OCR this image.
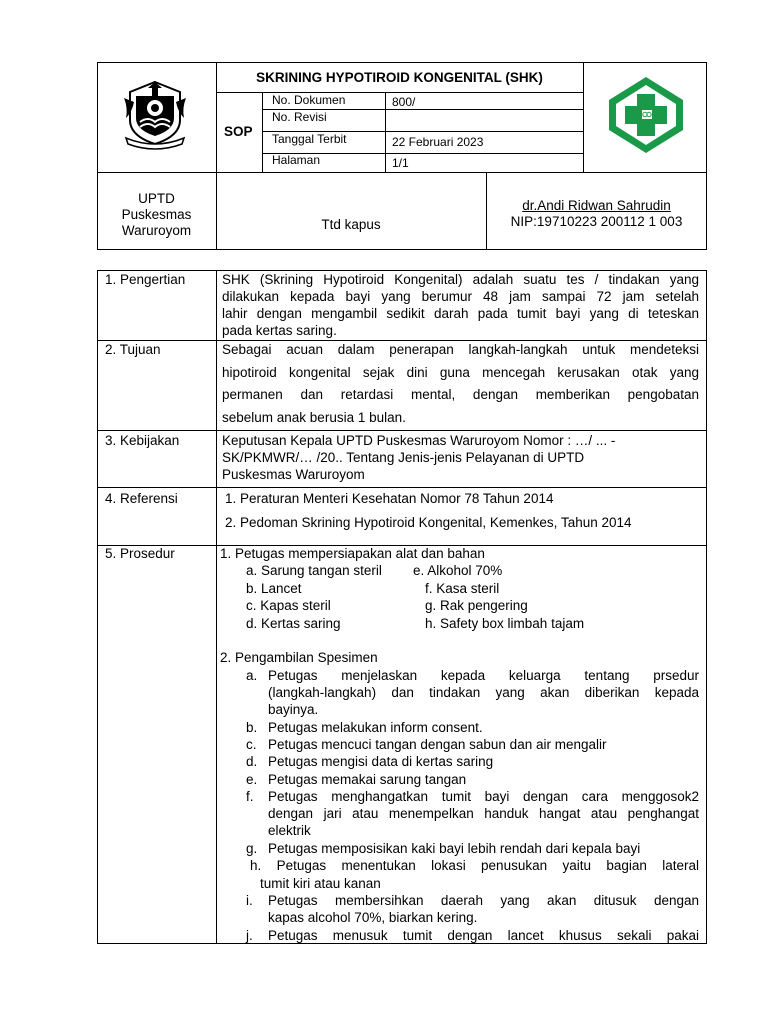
SKRINING HYPOTIROID KONGENITAL (SHK)
SOP
No. Dokumen	800/
No. Revisi
Tanggal Terbit	22 Februari 2023
Halaman	1/1
UPTD
Puskesmas
Waruroyom	Ttd kapus
dr.Andi Ridwan Sahrudin
NIP:19710223 200112 1 003
1. Pengertian	SHK (Skrining Hypotiroid Kongenital) adalah suatu tes / tindakan yang
dilakukan kepada bayi yang berumur 48 jam sampai 72 jam setelah
lahir dengan mengambil sedikit darah pada tumit bayi yang di teteskan
pada kertas saring.
2. Tujuan	Sebagai acuan dalam penerapan langkah-langkah untuk mendeteksi
hipotiroid kongenital sejak dini guna mencegah kerusakan otak yang
permanen dan retardasi mental, dengan memberikan pengobatan
sebelum anak berusia 1 bulan.
3. Kebijakan	Keputusan Kepala UPTD Puskesmas Waruroyom Nomor : …/ ... -
SK/PKMWR/… /20.. Tentang Jenis-jenis Pelayanan di UPTD
Puskesmas Waruroyom
4. Referensi	1. Peraturan Menteri Kesehatan Nomor 78 Tahun 2014
2. Pedoman Skrining Hypotiroid Kongenital, Kemenkes, Tahun 2014
5. Prosedur	1. Petugas mempersiapakan alat dan bahan
a. Sarung tangan steril
b. Lancet
c. Kapas steril
d. Kertas saring
e. Alkohol 70%
f. Kasa steril
g. Rak pengering
h. Safety box limbah tajam
2. Pengambilan Spesimen
a. Petugas menjelaskan kepada keluarga tentang prsedur
(langkah-langkah) dan tindakan yang akan diberikan kepada
bayinya.
b. Petugas melakukan inform consent.
c. Petugas mencuci tangan dengan sabun dan air mengalir
d. Petugas mengisi data di kertas saring
e. Petugas memakai sarung tangan
f. Petugas menghangatkan tumit bayi dengan cara menggosok2
dengan jari atau menempelkan handuk hangat atau penghangat
elektrik
g. Petugas memposisikan kaki bayi lebih rendah dari kepala bayi
h. Petugas menentukan lokasi penusukan yaitu bagian lateral
tumit kiri atau kanan
i. Petugas membersihkan daerah yang akan ditusuk dengan
kapas alcohol 70%, biarkan kering.
j. Petugas menusuk tumit dengan lancet khusus sekali pakai
